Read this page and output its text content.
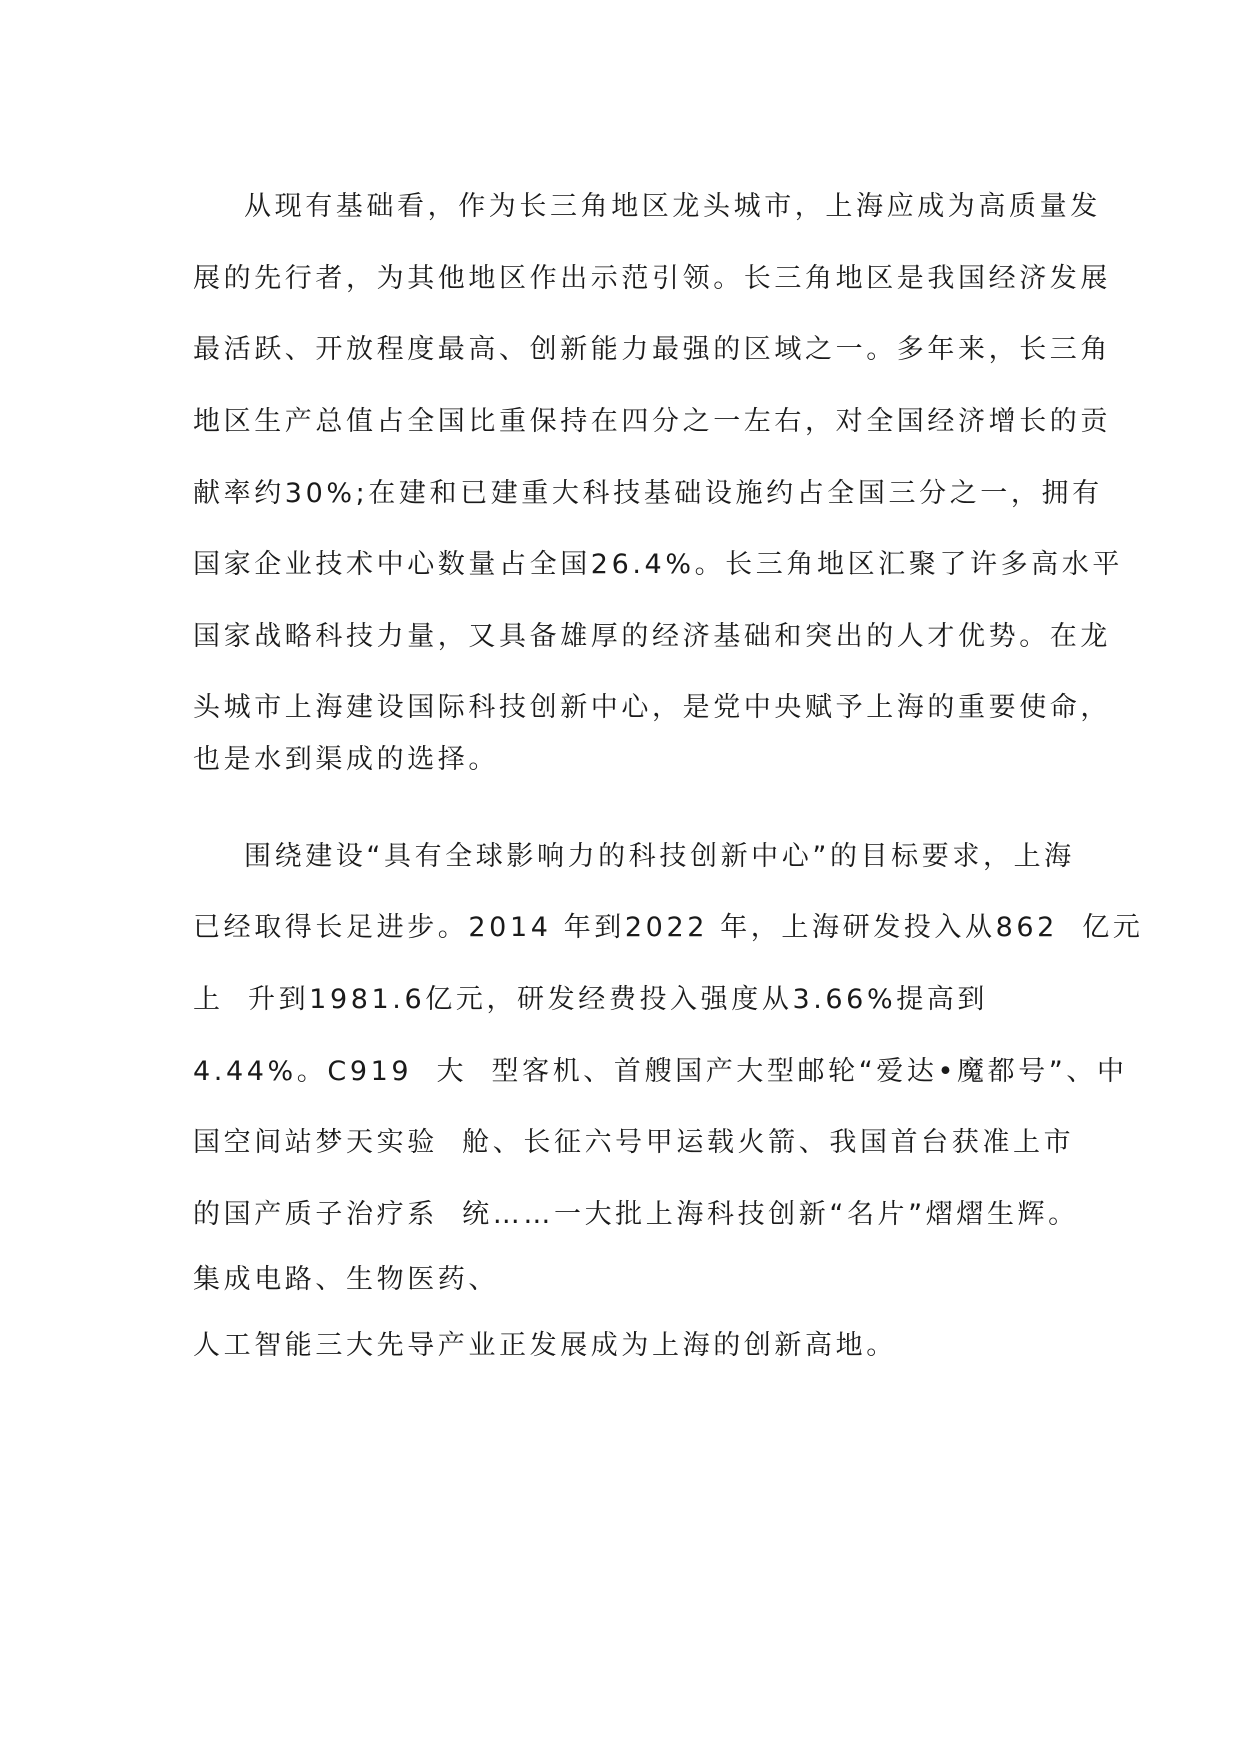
从现有基础看，作为长三角地区龙头城市，上海应成为高质量发

展的先行者，为其他地区作出示范引领。长三角地区是我国经济发展

最活跃、开放程度最高、创新能力最强的区域之一。多年来，长三角

地区生产总值占全国比重保持在四分之一左右，对全国经济增长的贡

献率约30%;在建和已建重大科技基础设施约占全国三分之一，拥有

国家企业技术中心数量占全国26.4%。长三角地区汇聚了许多高水平

国家战略科技力量，又具备雄厚的经济基础和突出的人才优势。在龙

头城市上海建设国际科技创新中心，是党中央赋予上海的重要使命，

也是水到渠成的选择。

围绕建设“具有全球影响力的科技创新中心”的目标要求，上海

已经取得长足进步。2014 年到2022 年，上海研发投入从862  亿元

上  升到1981.6亿元，研发经费投入强度从3.66%提高到

4.44%。C919  大  型客机、首艘国产大型邮轮“爱达•魔都号”、中

国空间站梦天实验  舱、长征六号甲运载火箭、我国首台获准上市

的国产质子治疗系  统……一大批上海科技创新“名片”熠熠生辉。

集成电路、生物医药、

人工智能三大先导产业正发展成为上海的创新高地。
